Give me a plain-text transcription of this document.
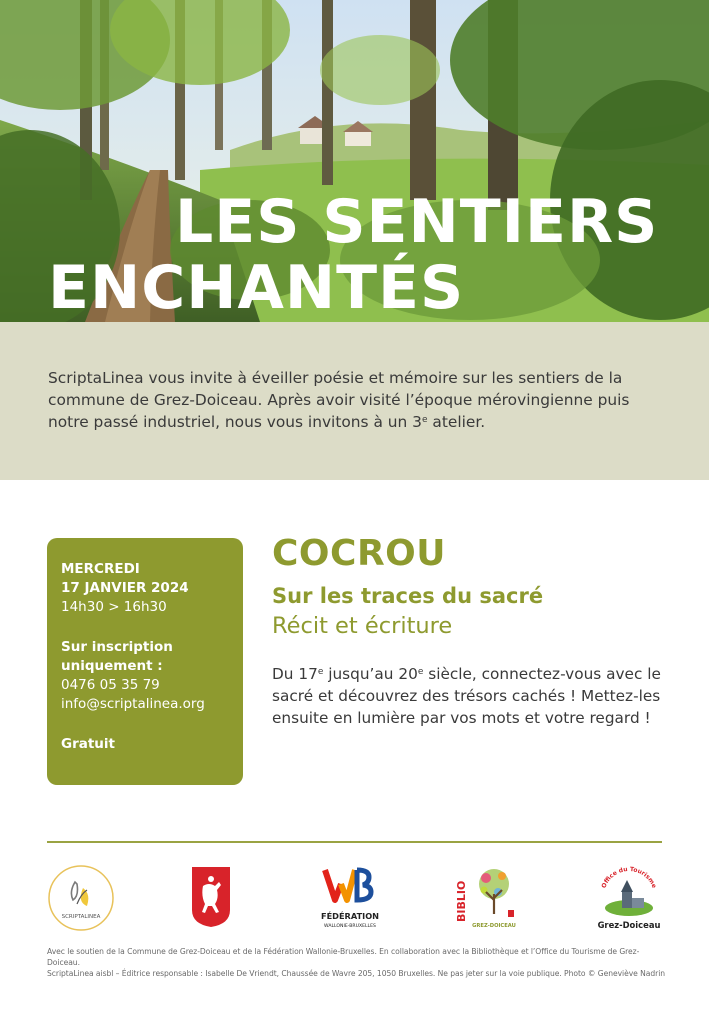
LES SENTIERS
ENCHANTÉS

ScriptaLinea vous invite à éveiller poésie et mémoire sur les sentiers de la commune de Grez-Doiceau. Après avoir visité l’époque mérovingienne puis notre passé industriel, nous vous invitons à un 3e atelier.

MERCREDI
17 JANVIER 2024
14h30 > 16h30
Sur inscription
uniquement :
0476 05 35 79
info@scriptalinea.org
Gratuit
COCROU
Sur les traces du sacré
Récit et écriture

Du 17e jusqu’au 20e siècle, connectez-vous avec le sacré et découvrez des trésors cachés ! Mettez-les ensuite en lumière par vos mots et votre regard !

SCRIPTALINEA	FÉDÉRATION
WALLONIE-BRUXELLES
BIBLIO
GREZ-DOICEAU
Office du Tourisme
Grez-Doiceau
Avec le soutien de la Commune de Grez-Doiceau et de la Fédération Wallonie-Bruxelles. En collaboration avec la Bibliothèque et l’Office du Tourisme de Grez-Doiceau.
ScriptaLinea aisbl – Éditrice responsable : Isabelle De Vriendt, Chaussée de Wavre 205, 1050 Bruxelles. Ne pas jeter sur la voie publique. Photo © Geneviève Nadrin
